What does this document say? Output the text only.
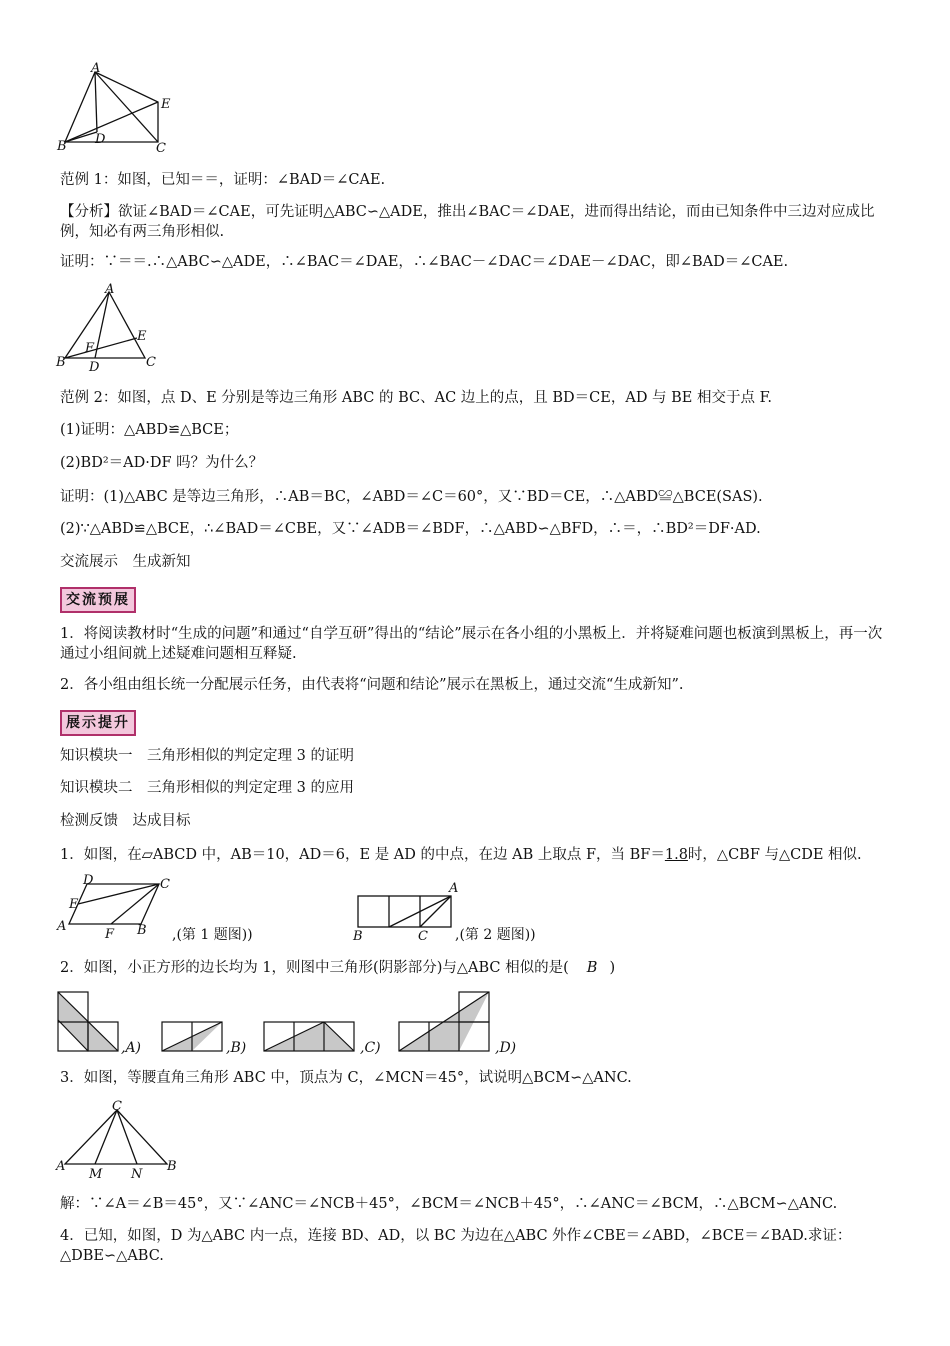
A
E
B D
C
范例 1：如图，已知＝＝，证明：∠BAD＝∠CAE.
【分析】欲证∠BAD＝∠CAE，可先证明△ABC∽△ADE，推出∠BAC＝∠DAE，进而得出结论，而由已知条件中三边对应成比例，知必有两三角形相似.
证明：∵＝＝.∴△ABC∽△ADE，∴∠BAC＝∠DAE，∴∠BAC－∠DAC＝∠DAE－∠DAC，即∠BAD＝∠CAE.
A
E
F
B D	C
范例 2：如图，点 D、E 分别是等边三角形 ABC 的 BC、AC 边上的点，且 BD＝CE，AD 与 BE 相交于点 F.
(1)证明：△ABD≌△BCE；
(2)BD²＝AD·DF 吗？为什么？
证明：(1)△ABC 是等边三角形，∴AB＝BC，∠ABD＝∠C＝60°，又∵BD＝CE，∴△ABD≌△BCE(SAS).
(2)∵△ABD≌△BCE，∴∠BAD＝∠CBE，又∵∠ADB＝∠BDF，∴△ABD∽△BFD，∴＝，∴BD²＝DF·AD.
交流展示　生成新知
交流预展
1．将阅读教材时“生成的问题”和通过“自学互研”得出的“结论”展示在各小组的小黑板上．并将疑难问题也板演到黑板上，再一次通过小组间就上述疑难问题相互释疑.
2．各小组由组长统一分配展示任务，由代表将“问题和结论”展示在黑板上，通过交流“生成新知”.
展示提升
知识模块一　三角形相似的判定定理 3 的证明
知识模块二　三角形相似的判定定理 3 的应用
检测反馈　达成目标
1．如图，在▱ABCD 中，AB＝10，AD＝6，E 是 AD 的中点，在边 AB 上取点 F，当 BF＝1.8时，△CBF 与△CDE 相似.
D	C
E
A
F B ,(第 1 题图))
A
B	C ,(第 2 题图))
2．如图，小正方形的边长均为 1，则图中三角形(阴影部分)与△ABC 相似的是( B )
,A)	,B)	,C)	,D)
3．如图，等腰直角三角形 ABC 中，顶点为 C，∠MCN＝45°，试说明△BCM∽△ANC.
C
A
M N
B
解：∵∠A＝∠B＝45°，又∵∠ANC＝∠NCB＋45°，∠BCM＝∠NCB＋45°，∴∠ANC＝∠BCM，∴△BCM∽△ANC.
4．已知，如图，D 为△ABC 内一点，连接 BD、AD，以 BC 为边在△ABC 外作∠CBE＝∠ABD，∠BCE＝∠BAD.求证：△DBE∽△ABC.
